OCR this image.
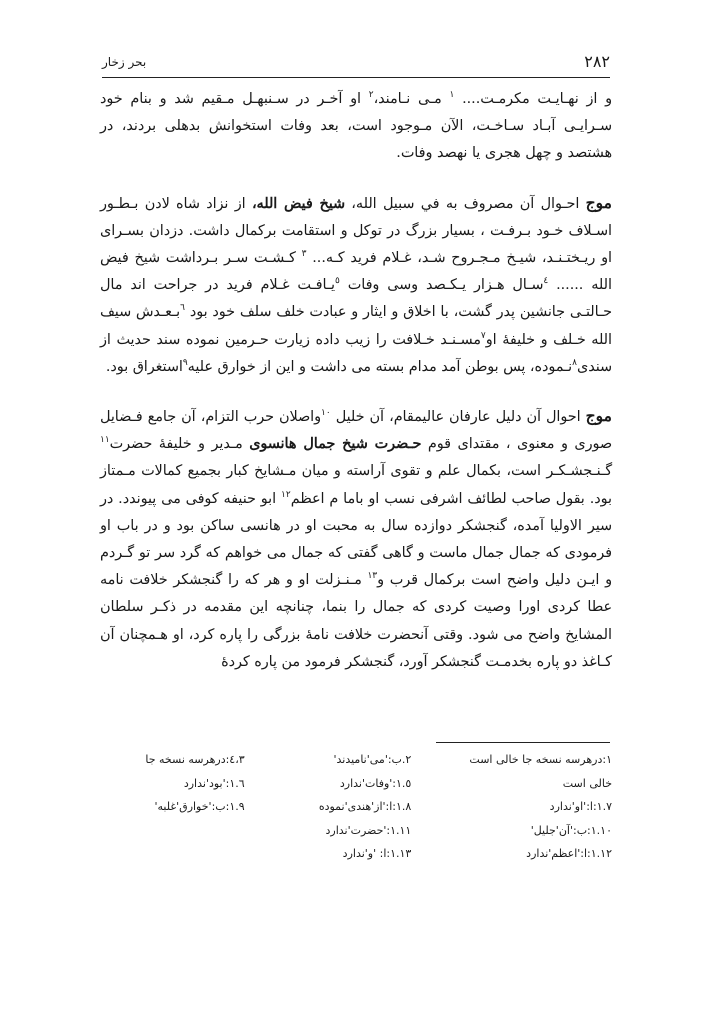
۲۸۲
بحر زخار

و از نهـايـت مكرمـت.... $^١$ مـی نـامند،$^٢$ او آخـر در سـنبهـل مـقيم شد و بنام خود سـرايـی آبـاد سـاخـت، الآن مـوجود است، بعد وفات استخوانش بدهلی بردند، در هشتصد و چهل هجری يا نهصد وفات.

موج احـوال آن مصروف به في سبيل الله، شيخ فيض الله، از نزاد شاه لادن بـطـور اسـلاف خـود بـرفـت ، بسيار بزرگ در توكل و استقامت بركمال داشت. دزدان بسـرای او ريـختـنـد، شيـخ مـجـروح شـد، غـلام فريد كـه... $^٣$ كـشـت سـر بـرداشت شيخ فيض الله ...... $^٤$سـال هـزار يـكـصد وسی وفات $^٥$يـافـت غـلام فريد در جراحت اند مال حـالتـی جانشين پدر گشت، با اخلاق و ايثار و عبادت خلف سلف خود بود $^٦$بـعـدش سيف الله خـلف و خليفهٔ او$^٧$مسـنـد خـلافت را زيب داده زيارت حـرمين نموده سند حديث از سندی$^٨$نـموده، پس بوطن آمد مدام بسته می داشت و اين از خوارق عليه$^٩$استغراق بود.

موج احوال آن دليل عارفان عاليمقام، آن خليل $^{١٠}$واصلان حرب التزام، آن جامع فـضايل صوری و معنوی ، مقتدای قوم حـضرت شيخ جمال هانسوی مـدير و خليفهٔ حضرت$^{١١}$ گـنـجشـكـر است، بكمال علم و تقوی آراسته و ميان مـشايخ كبار بجميع كمالات مـمتاز بود. بقول صاحب لطائف اشرفی نسب او باما م اعظم$^{١٢}$ ابو حنيفه كوفی می پيوندد. در سير الاوليا آمده، گنجشكر دوازده سال به محبت او در هانسی ساكن بود و در باب او فرمودی كه جمال جمال ماست و گاهی گفتی كه جمال می خواهم كه گرد سر تو گـردم و ايـن دليل واضح است بركمال قرب و$^{١٣}$ مـنـزلت او و هر كه را گنجشكر خلافت نامه عطا كردی اورا وصيت كردی كه جمال را بنما، چنانچه اين مقدمه در ذكـر سلطان المشايخ واضح می شود. وقتی آنحضرت خلافت نامهٔ بزرگی را پاره كرد، او هـمچنان آن كـاغذ دو پاره بخدمـت گنجشكر آورد، گنجشكر فرمود من پاره كردهٔ

١:درهرسه نسخه جا خالی است
خالی است
١.٧:ا:'او'ندارد
١.١٠:ب:'آن'جليل'
١.١٢:ا:'اعظم'ندارد
٢.ب:'می'نامیدند'
١.٥:'وفات'ندارد
١.٨:ا:'از'هندی'نموده
١.١١:'حضرت'ندارد
١.١٣:ا: 'و'ندارد
٤،٣:درهرسه نسخه جا
١.٦:'بود'ندارد
١.٩:ب:'خوارق'غلبه'
